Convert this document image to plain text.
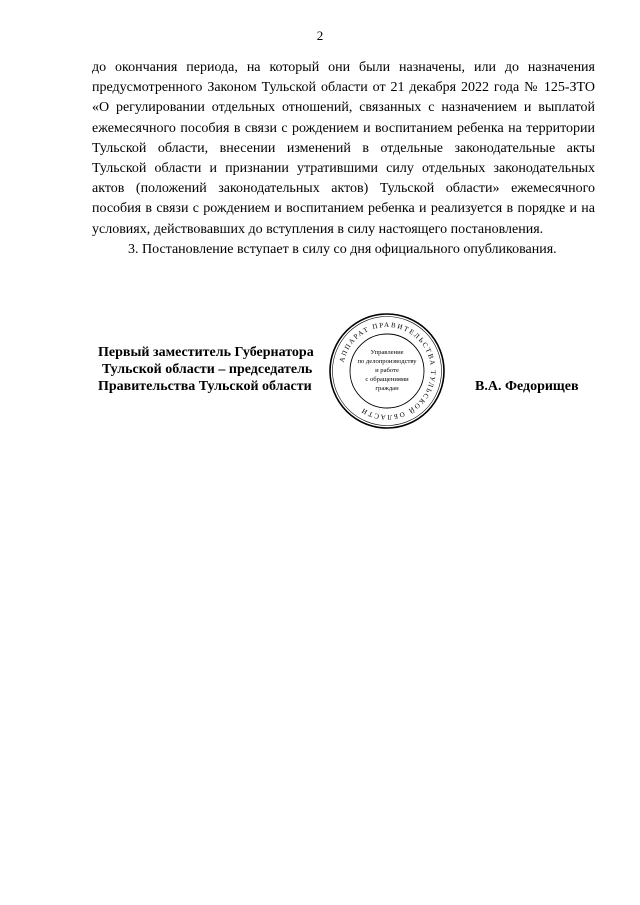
2

до окончания периода, на который они были назначены, или до назначения предусмотренного Законом Тульской области от 21 декабря 2022 года № 125-ЗТО «О регулировании отдельных отношений, связанных с назначением и выплатой ежемесячного пособия в связи с рождением и воспитанием ребенка на территории Тульской области, внесении изменений в отдельные законодательные акты Тульской области и признании утратившими силу отдельных законодательных актов (положений законодательных актов) Тульской области» ежемесячного пособия в связи с рождением и воспитанием ребенка и реализуется в порядке и на условиях, действовавших до вступления в силу настоящего постановления.

3. Постановление вступает в силу со дня официального опубликования.

Первый заместитель Губернатора
Тульской области – председатель
Правительства Тульской области	В.А. Федорищев
АППАРАТ ПРАВИТЕЛЬСТВА ТУЛЬСКОЙ ОБЛАСТИ
Управление
по делопроизводству
и работе
с обращениями
граждан
